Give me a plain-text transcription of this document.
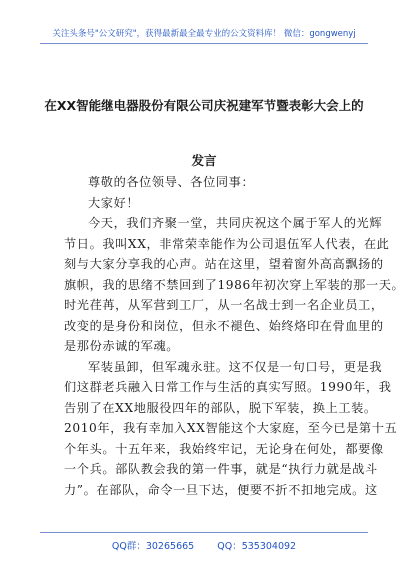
关注头条号"公文研究"，获得最新最全最专业的公文资料库！ 微信：gongwenyj
在XX智能继电器股份有限公司庆祝建军节暨表彰大会上的
发言
尊敬的各位领导、各位同事：
大家好！
今天，我们齐聚一堂，共同庆祝这个属于军人的光辉
节日。我叫XX，非常荣幸能作为公司退伍军人代表，在此
刻与大家分享我的心声。站在这里，望着窗外高高飘扬的
旗帜，我的思绪不禁回到了1986年初次穿上军装的那一天。
时光荏苒，从军营到工厂，从一名战士到一名企业员工，
改变的是身份和岗位，但永不褪色、始终烙印在骨血里的
是那份赤诚的军魂。
军装虽卸，但军魂永驻。这不仅是一句口号，更是我
们这群老兵融入日常工作与生活的真实写照。1990年，我
告别了在XX地服役四年的部队，脱下军装，换上工装。
2010年，我有幸加入XX智能这个大家庭，至今已是第十五
个年头。十五年来，我始终牢记，无论身在何处，都要像
一个兵。部队教会我的第一件事，就是“执行力就是战斗
力”。在部队，命令一旦下达，便要不折不扣地完成。这
QQ群：30265665 QQ：535304092
